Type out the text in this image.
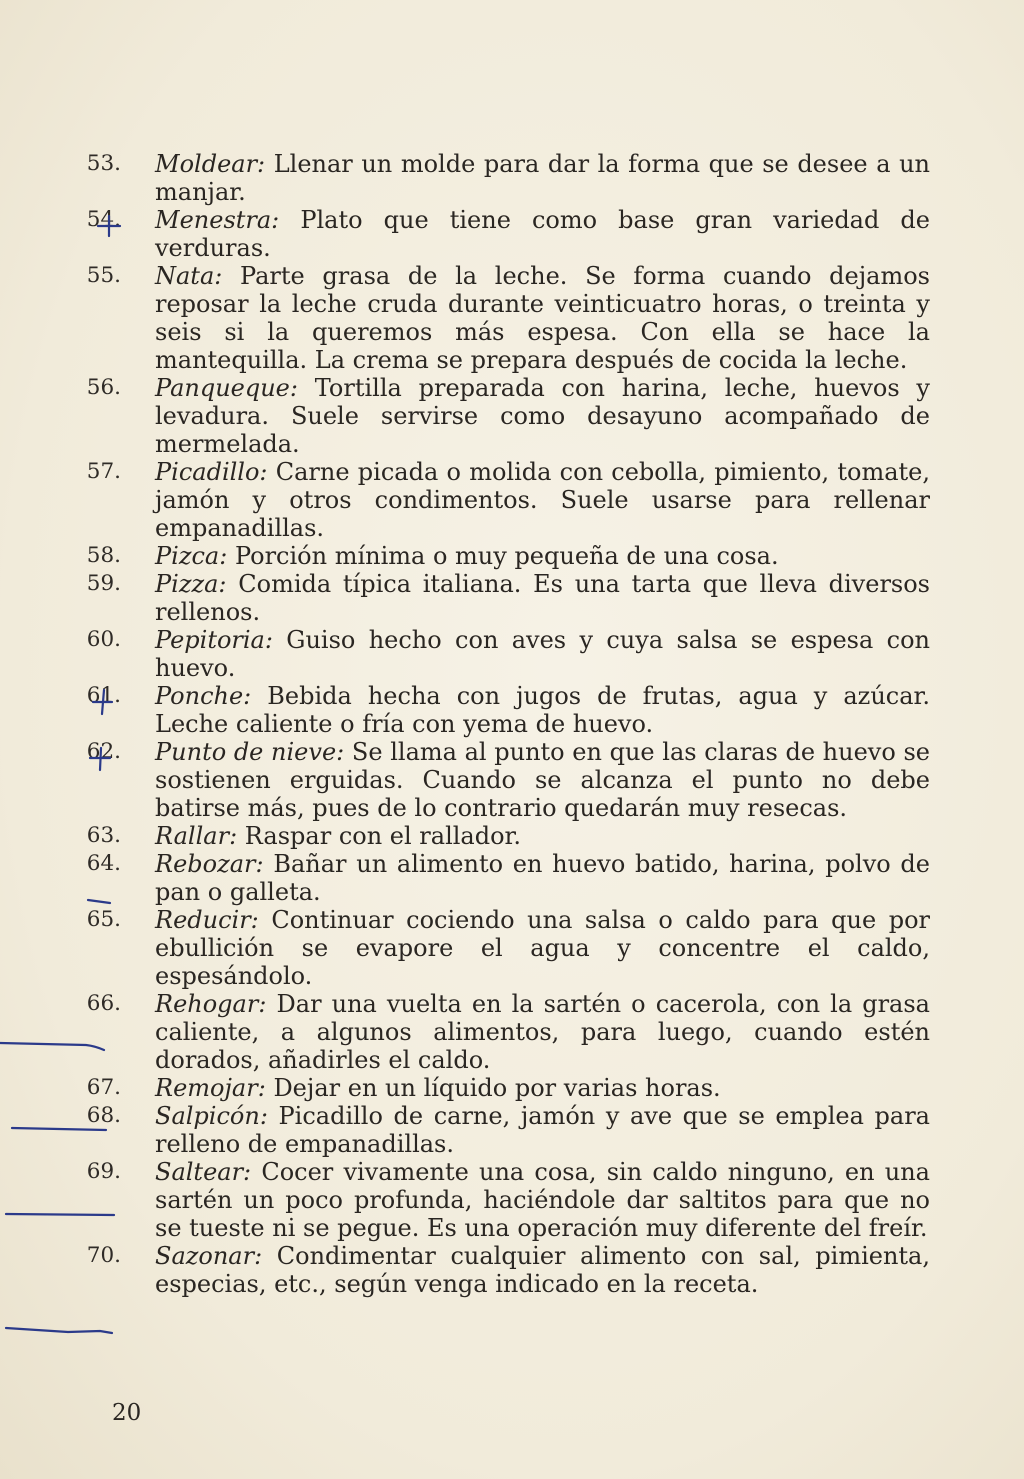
53.	Moldear: Llenar un molde para dar la forma que se desee a un manjar.
54.	Menestra: Plato que tiene como base gran variedad de verduras.
55.	Nata: Parte grasa de la leche. Se forma cuando dejamos reposar la leche cruda durante veinticuatro horas, o treinta y seis si la queremos más espesa. Con ella se hace la mantequilla. La crema se prepara después de cocida la leche.
56.	Panqueque: Tortilla preparada con harina, leche, huevos y levadura. Suele servirse como desayuno acompañado de mermelada.
57.	Picadillo: Carne picada o molida con cebolla, pimiento, tomate, jamón y otros condimentos. Suele usarse para rellenar empanadillas.
58.	Pizca: Porción mínima o muy pequeña de una cosa.
59.	Pizza: Comida típica italiana. Es una tarta que lleva diversos rellenos.
60.	Pepitoria: Guiso hecho con aves y cuya salsa se espesa con huevo.
61.	Ponche: Bebida hecha con jugos de frutas, agua y azúcar. Leche caliente o fría con yema de huevo.
62.	Punto de nieve: Se llama al punto en que las claras de huevo se sostienen erguidas. Cuando se alcanza el punto no debe batirse más, pues de lo contrario quedarán muy resecas.
63.	Rallar: Raspar con el rallador.
64.	Rebozar: Bañar un alimento en huevo batido, harina, polvo de pan o galleta.
65.	Reducir: Continuar cociendo una salsa o caldo para que por ebullición se evapore el agua y concentre el caldo, espesándolo.
66.	Rehogar: Dar una vuelta en la sartén o cacerola, con la grasa caliente, a algunos alimentos, para luego, cuando estén dorados, añadirles el caldo.
67.	Remojar: Dejar en un líquido por varias horas.
68.	Salpicón: Picadillo de carne, jamón y ave que se emplea para relleno de empanadillas.
69.	Saltear: Cocer vivamente una cosa, sin caldo ninguno, en una sartén un poco profunda, haciéndole dar saltitos para que no se tueste ni se pegue. Es una operación muy diferente del freír.
70.	Sazonar: Condimentar cualquier alimento con sal, pimienta, especias, etc., según venga indicado en la receta.
20
